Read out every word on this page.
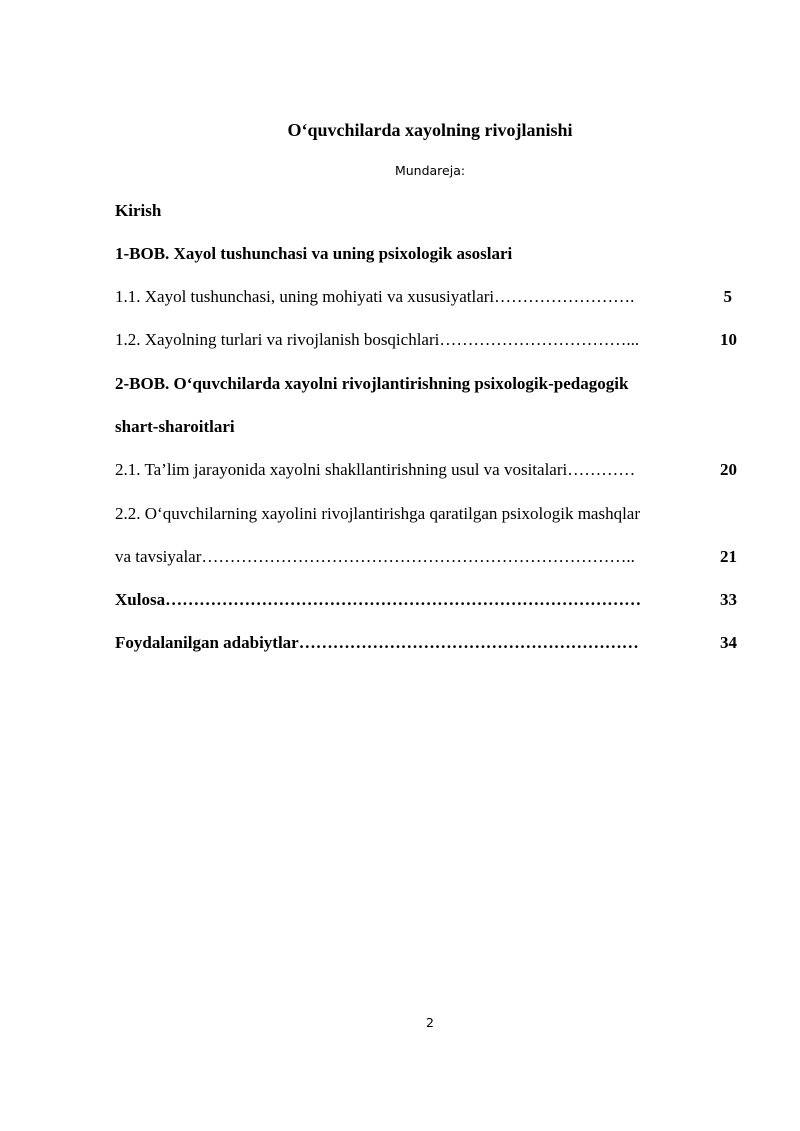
O‘quvchilarda xayolning rivojlanishi
Mundareja:
Kirish
1-BOB. Xayol tushunchasi va uning psixologik asoslari
1.1. Xayol tushunchasi, uning mohiyati va xususiyatlari…………………….	5
1.2. Xayolning turlari va rivojlanish bosqichlari……………………………...	10
2-BOB. O‘quvchilarda xayolni rivojlantirishning psixologik-pedagogik
shart-sharoitlari
2.1. Ta’lim jarayonida xayolni shakllantirishning usul va vositalari…………	20
2.2. O‘quvchilarning xayolini rivojlantirishga qaratilgan psixologik mashqlar
va tavsiyalar…………………………………………………………………..	21
Xulosa…………………………………………………………………………	33
Foydalanilgan adabiytlar……………………………………………………	34
2
